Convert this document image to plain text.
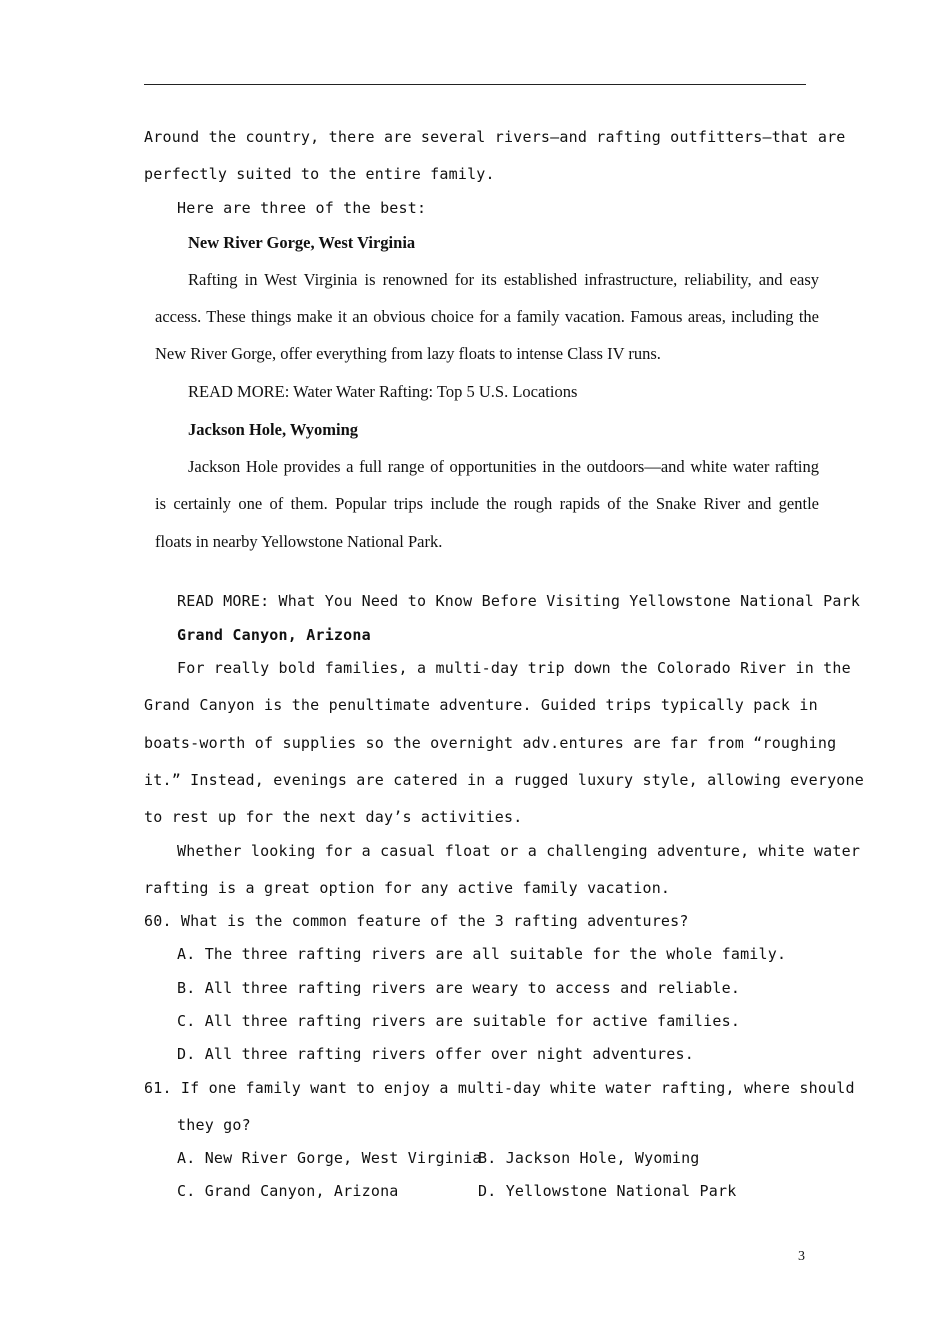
Around the country, there are several rivers—and rafting outfitters—that are
perfectly suited to the entire family.
Here are three of the best:
New River Gorge, West Virginia
Rafting in West Virginia is renowned for its established infrastructure, reliability, and easy
access. These things make it an obvious choice for a family vacation. Famous areas, including the
New River Gorge, offer everything from lazy floats to intense Class IV runs.
READ MORE: Water Water Rafting: Top 5 U.S. Locations
Jackson Hole, Wyoming
Jackson Hole provides a full range of opportunities in the outdoors—and white water rafting
is certainly one of them. Popular trips include the rough rapids of the Snake River and gentle
floats in nearby Yellowstone National Park.
READ MORE: What You Need to Know Before Visiting Yellowstone National Park
Grand Canyon, Arizona
For really bold families, a multi-day trip down the Colorado River in the
Grand Canyon is the penultimate adventure. Guided trips typically pack in
boats-worth of supplies so the overnight adv.entures are far from “roughing
it.” Instead, evenings are catered in a rugged luxury style, allowing everyone
to rest up for the next day’s activities.
Whether looking for a casual float or a challenging adventure, white water
rafting is a great option for any active family vacation.
60. What is the common feature of the 3 rafting adventures?
A. The three rafting rivers are all suitable for the whole family.
B. All three rafting rivers are weary to access and reliable.
C. All three rafting rivers are suitable for active families.
D. All three rafting rivers offer over night adventures.
61. If one family want to enjoy a multi-day white water rafting, where should
they go?
A. New River Gorge, West Virginia
B. Jackson Hole, Wyoming
C. Grand Canyon, Arizona	D. Yellowstone National Park
3
